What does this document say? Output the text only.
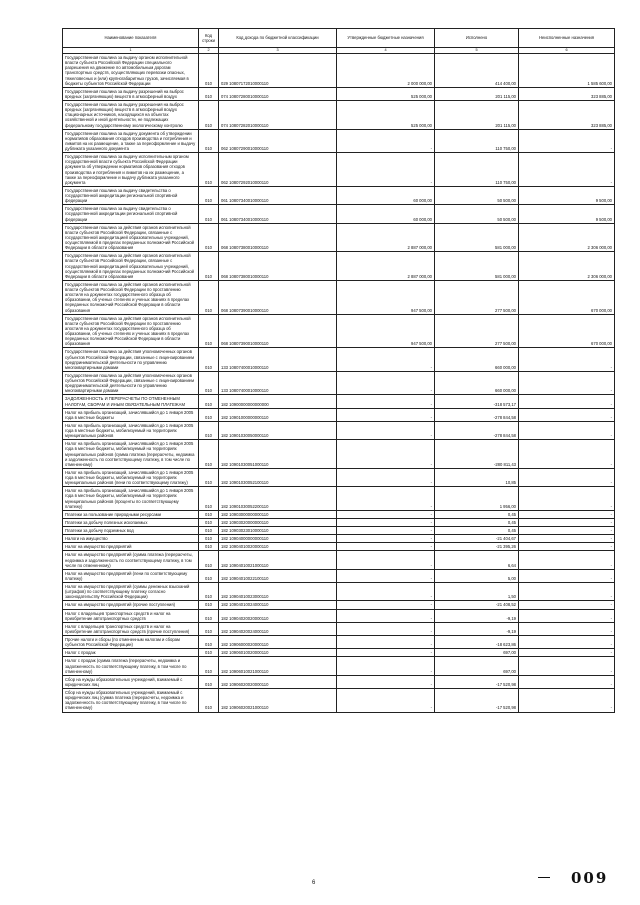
Наименование показателя	Код строки	Код дохода по бюджетной классификации	Утвержденные бюджетные назначения	Исполнено	Неисполненные назначения
1	2	3	4	5	6
Государственная пошлина за выдачу органом исполнительной власти субъекта Российской Федерации специального разрешения на движение по автомобильным дорогам транспортных средств, осуществляющих перевозки опасных, тяжеловесных и (или) крупногабаритных грузов, зачисляемая в бюджеты субъектов Российской Федерации	010	029 10807172010000110	2 000 000,00	414 400,00	1 585 600,00
Государственная пошлина за выдачу разрешений на выброс вредных (загрязняющих) веществ в атмосферный воздух	010	074 10807280010000110	525 000,00	201 115,00	323 885,00
Государственная пошлина за выдачу разрешения на выброс вредных (загрязняющих) веществ в атмосферный воздух стационарных источников, находящихся на объектах хозяйственной и иной деятельности, не подлежащих федеральному государственному экологическому контролю	010	074 10807282010000110	525 000,00	201 115,00	323 885,00
Государственная пошлина за выдачу документа об утверждении нормативов образования отходов производства и потребления и лимитов на их размещение, а также за переоформление и выдачу дубликата указанного документа	010	062 10807290010000110	-	110 750,00	-
Государственная пошлина за выдачу исполнительным органом государственной власти субъекта Российской Федерации документа об утверждении нормативов образования отходов производства и потребления и лимитов на их размещение, а также за переоформление и выдачу дубликата указанного документа	010	062 10807292010000110	-	110 750,00	-
Государственная пошлина за выдачу свидетельства о государственной аккредитации региональной спортивной федерации	010	061 10807340010000110	60 000,00	50 500,00	9 500,00
Государственная пошлина за выдачу свидетельства о государственной аккредитации региональной спортивной федерации	010	061 10807340010000110	60 000,00	50 500,00	9 500,00
Государственная пошлина за действия органов исполнительной власти субъектов Российской Федерации, связанные с государственной аккредитацией образовательных учреждений, осуществляемой в пределах переданных полномочий Российской Федерации в области образования	010	068 10807380010000110	2 887 000,00	581 000,00	2 306 000,00
Государственная пошлина за действия органов исполнительной власти субъектов Российской Федерации, связанные с государственной аккредитацией образовательных учреждений, осуществляемой в пределах переданных полномочий Российской Федерации в области образования	010	068 10807380010000110	2 887 000,00	581 000,00	2 306 000,00
Государственная пошлина за действия органов исполнительной власти субъектов Российской Федерации по проставлению апостиля на документах государственного образца об образовании, об ученых степенях и ученых званиях в пределах переданных полномочий Российской Федерации в области образования	010	068 10807390010000110	947 500,00	277 500,00	670 000,00
Государственная пошлина за действия органов исполнительной власти субъектов Российской Федерации по проставлению апостиля на документах государственного образца об образовании, об ученых степенях и ученых званиях в пределах переданных полномочий Российской Федерации в области образования	010	068 10807390010000110	947 500,00	277 500,00	670 000,00
Государственная пошлина за действия уполномоченных органов субъектов Российской Федерации, связанные с лицензированием предпринимательской деятельности по управлению многоквартирными домами	010	133 10807400010000110	-	660 000,00	-
Государственная пошлина за действия уполномоченных органов субъектов Российской Федерации, связанные с лицензированием предпринимательской деятельности по управлению многоквартирными домами	010	133 10807400010000110	-	660 000,00	-
ЗАДОЛЖЕННОСТЬ И ПЕРЕРАСЧЕТЫ ПО ОТМЕНЕННЫМ НАЛОГАМ, СБОРАМ И ИНЫМ ОБЯЗАТЕЛЬНЫМ ПЛАТЕЖАМ	010	182 10900000000000000	-	-318 573,17	-
Налог на прибыль организаций, зачислявшийся до 1 января 2005 года в местные бюджеты	010	182 10901000000000110	-	-278 844,58	-
Налог на прибыль организаций, зачислявшийся до 1 января 2005 года в местные бюджеты, мобилизуемый на территориях муниципальных районов	010	182 10901030050000110	-	-278 844,58	-
Налог на прибыль организаций, зачислявшийся до 1 января 2005 года в местные бюджеты, мобилизуемый на территориях муниципальных районов (сумма платежа (перерасчеты, недоимка и задолженность по соответствующему платежу, в том числе по отмененному)	010	182 10901030051000110	-	-280 811,43	-
Налог на прибыль организаций, зачислявшийся до 1 января 2005 года в местные бюджеты, мобилизуемый на территориях муниципальных районов (пени по соответствующему платежу)	010	182 10901030052100110	-	10,85	-
Налог на прибыль организаций, зачислявшийся до 1 января 2005 года в местные бюджеты, мобилизуемый на территориях муниципальных районов (проценты по соответствующему платежу)	010	182 10901030052200110	-	1 956,00	-
Платежи за пользование природными ресурсами	010	182 10903000000000110	-	0,45	-
Платежи за добычу полезных ископаемых	010	182 10903020000000110	-	0,45	-
Платежи за добычу подземных вод	010	182 10903023010000110	-	0,45	-
Налоги на имущество	010	182 10904000000000110	-	-21 404,67	-
Налог на имущество предприятий	010	182 10904010020000110	-	-21 395,26	-
Налог на имущество предприятий (сумма платежа (перерасчеты, недоимка и задолженность по соответствующему платежу, в том числе по отмененному)	010	182 10904010021000110	-	6,64	-
Налог на имущество предприятий (пени по соответствующему платежу)	010	182 10904010022100110	-	5,00	-
Налог на имущество предприятий (суммы денежных взысканий (штрафов) по соответствующему платежу согласно законодательству Российской Федерации)	010	182 10904010023000110	-	1,50	-
Налог на имущество предприятий (прочие поступления)	010	182 10904010024000110	-	-21 408,52	-
Налог с владельцев транспортных средств и налог на приобретение автотранспортных средств	010	182 10904020020000110	-	-9,19	-
Налог с владельцев транспортных средств и налог на приобретение автотранспортных средств (прочие поступления)	010	182 10904020024000110	-	-9,19	-
Прочие налоги и сборы (по отмененным налогам и сборам субъектов Российской Федерации)	010	182 10906000020000110	-	-18 623,86	-
Налог с продаж	010	182 10906010020000110	-	697,00	-
Налог с продаж (сумма платежа (перерасчеты, недоимка и задолженность по соответствующему платежу, в том числе по отмененному)	010	182 10906010021000110	-	697,00	-
Сбор на нужды образовательных учреждений, взимаемый с юридических лиц	010	182 10906020020000110	-	-17 520,98	-
Сбор на нужды образовательных учреждений, взимаемый с юридических лиц (сумма платежа (перерасчеты, недоимка и задолженность по соответствующему платежу, в том числе по отмененному)	010	182 10906020021000110	-	-17 520,98	-
6	009
